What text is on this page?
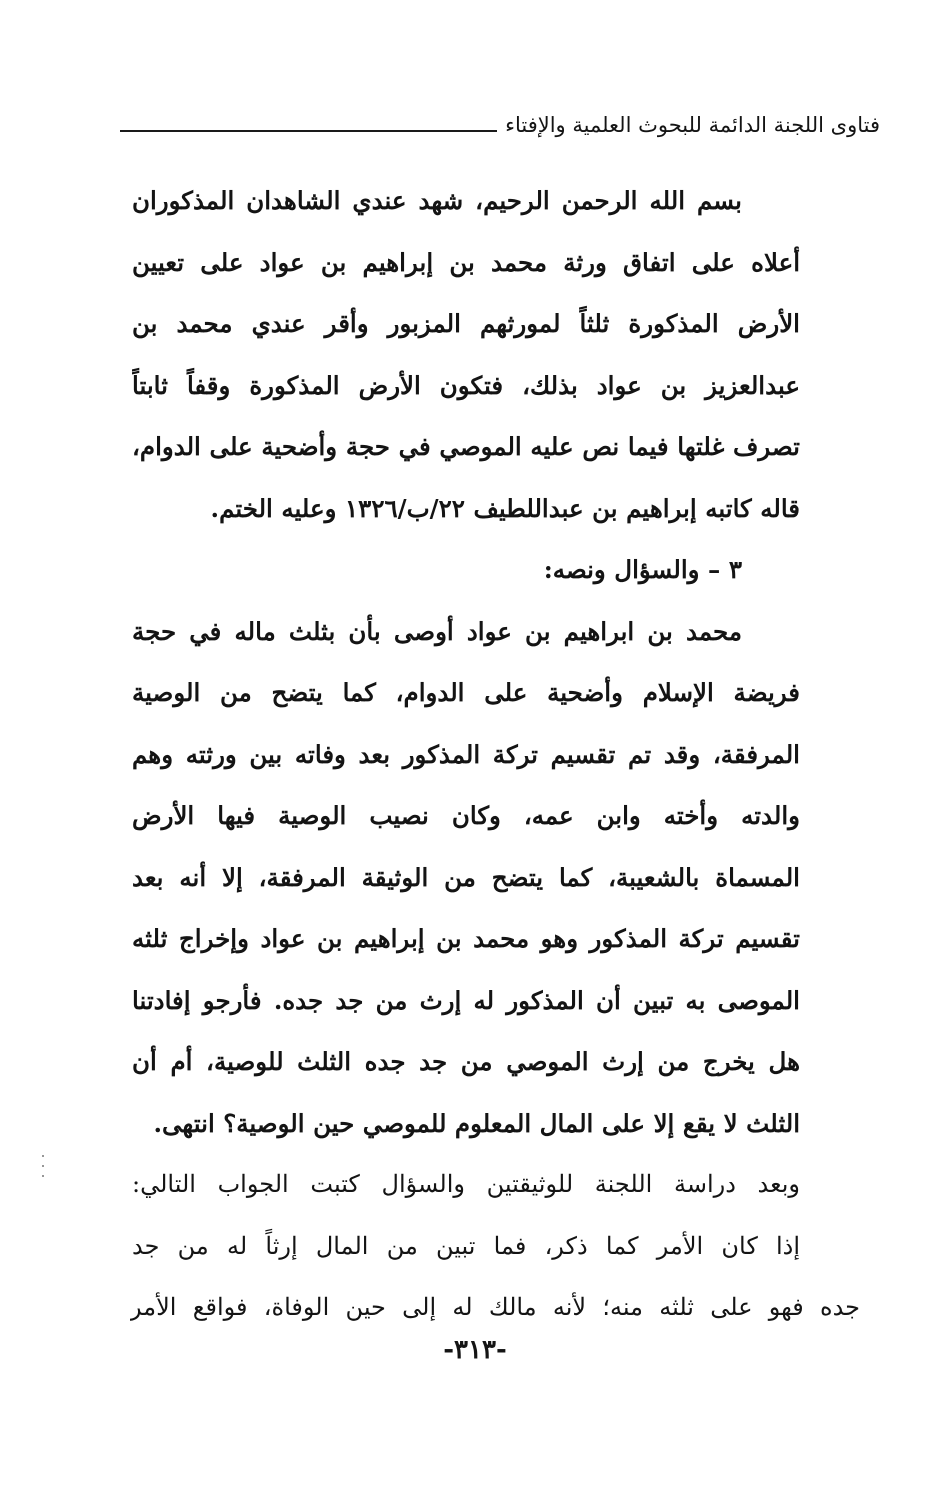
فتاوى اللجنة الدائمة للبحوث العلمية والإفتاء
بسم الله الرحمن الرحيم، شهد عندي الشاهدان المذكوران
أعلاه على اتفاق ورثة محمد بن إبراهيم بن عواد على تعيين
الأرض المذكورة ثلثاً لمورثهم المزبور وأقر عندي محمد بن
عبدالعزيز بن عواد بذلك، فتكون الأرض المذكورة وقفاً ثابتاً
تصرف غلتها فيما نص عليه الموصي في حجة وأضحية على الدوام،
قاله كاتبه إبراهيم بن عبداللطيف ٢٢/ب/١٣٢٦ وعليه الختم.
٣ – والسؤال ونصه:
محمد بن ابراهيم بن عواد أوصى بأن بثلث ماله في حجة
فريضة الإسلام وأضحية على الدوام، كما يتضح من الوصية
المرفقة، وقد تم تقسيم تركة المذكور بعد وفاته بين ورثته وهم
والدته وأخته وابن عمه، وكان نصيب الوصية فيها الأرض
المسماة بالشعيبة، كما يتضح من الوثيقة المرفقة، إلا أنه بعد
تقسيم تركة المذكور وهو محمد بن إبراهيم بن عواد وإخراج ثلثه
الموصى به تبين أن المذكور له إرث من جد جده. فأرجو إفادتنا
هل يخرج من إرث الموصي من جد جده الثلث للوصية، أم أن
الثلث لا يقع إلا على المال المعلوم للموصي حين الوصية؟ انتهى.
وبعد دراسة اللجنة للوثيقتين والسؤال كتبت الجواب التالي:
إذا كان الأمر كما ذكر، فما تبين من المال إرثاً له من جد
جده فهو على ثلثه منه؛ لأنه مالك له إلى حين الوفاة، فواقع الأمر
-٣١٣-
